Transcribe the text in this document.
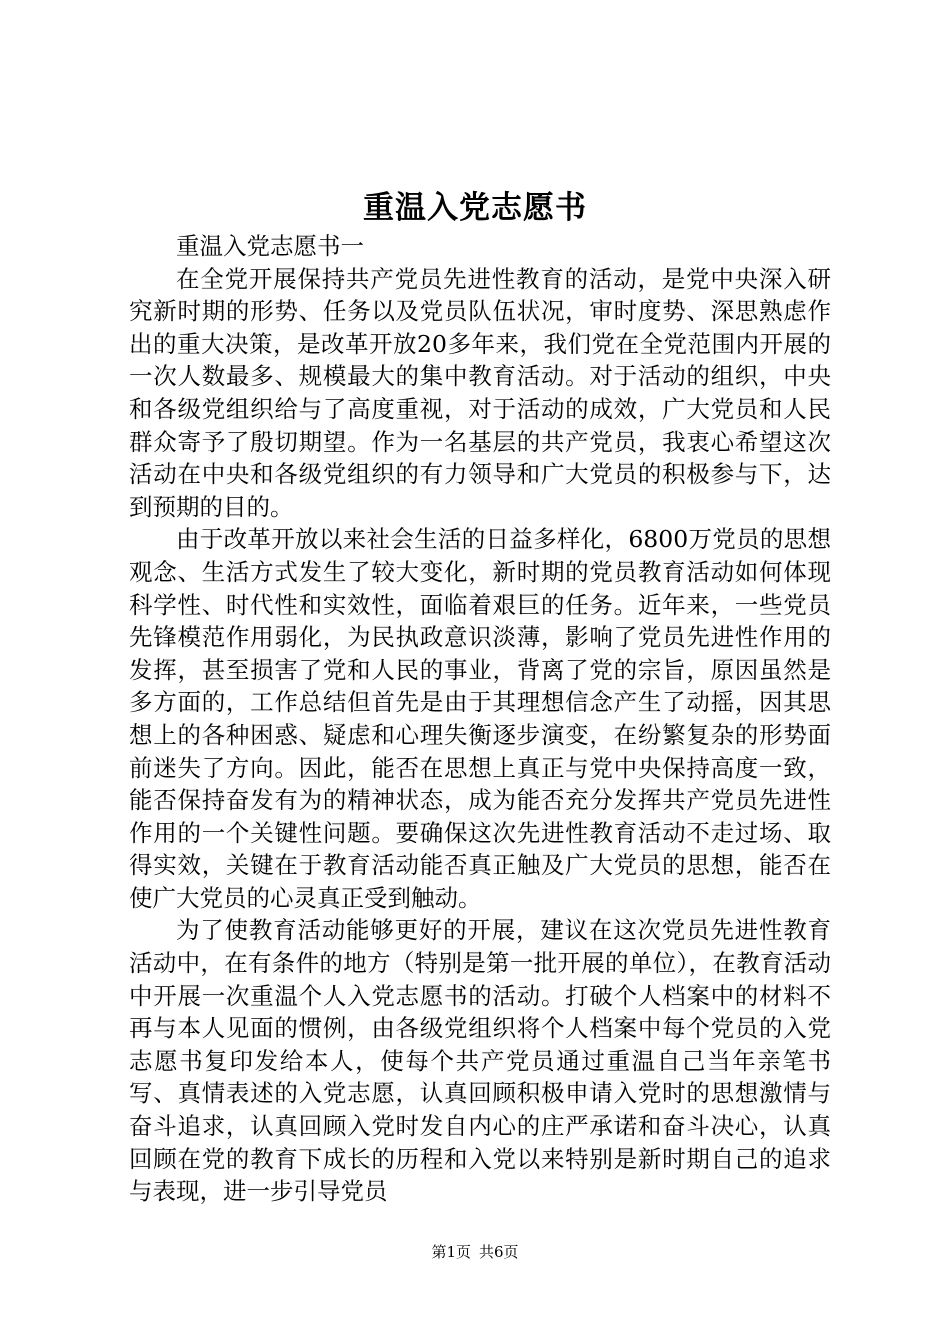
重温入党志愿书

重温入党志愿书一

在全党开展保持共产党员先进性教育的活动，是党中央深入研究新时期的形势、任务以及党员队伍状况，审时度势、深思熟虑作出的重大决策，是改革开放20多年来，我们党在全党范围内开展的一次人数最多、规模最大的集中教育活动。对于活动的组织，中央和各级党组织给与了高度重视，对于活动的成效，广大党员和人民群众寄予了殷切期望。作为一名基层的共产党员，我衷心希望这次活动在中央和各级党组织的有力领导和广大党员的积极参与下，达到预期的目的。

由于改革开放以来社会生活的日益多样化，6800万党员的思想观念、生活方式发生了较大变化，新时期的党员教育活动如何体现科学性、时代性和实效性，面临着艰巨的任务。近年来，一些党员先锋模范作用弱化，为民执政意识淡薄，影响了党员先进性作用的发挥，甚至损害了党和人民的事业，背离了党的宗旨，原因虽然是多方面的，工作总结但首先是由于其理想信念产生了动摇，因其思想上的各种困惑、疑虑和心理失衡逐步演变，在纷繁复杂的形势面前迷失了方向。因此，能否在思想上真正与党中央保持高度一致，能否保持奋发有为的精神状态，成为能否充分发挥共产党员先进性作用的一个关键性问题。要确保这次先进性教育活动不走过场、取得实效，关键在于教育活动能否真正触及广大党员的思想，能否在使广大党员的心灵真正受到触动。

为了使教育活动能够更好的开展，建议在这次党员先进性教育活动中，在有条件的地方（特别是第一批开展的单位），在教育活动中开展一次重温个人入党志愿书的活动。打破个人档案中的材料不再与本人见面的惯例，由各级党组织将个人档案中每个党员的入党志愿书复印发给本人，使每个共产党员通过重温自己当年亲笔书写、真情表述的入党志愿，认真回顾积极申请入党时的思想激情与奋斗追求，认真回顾入党时发自内心的庄严承诺和奋斗决心，认真回顾在党的教育下成长的历程和入党以来特别是新时期自己的追求与表现，进一步引导党员

第1页 共6页
